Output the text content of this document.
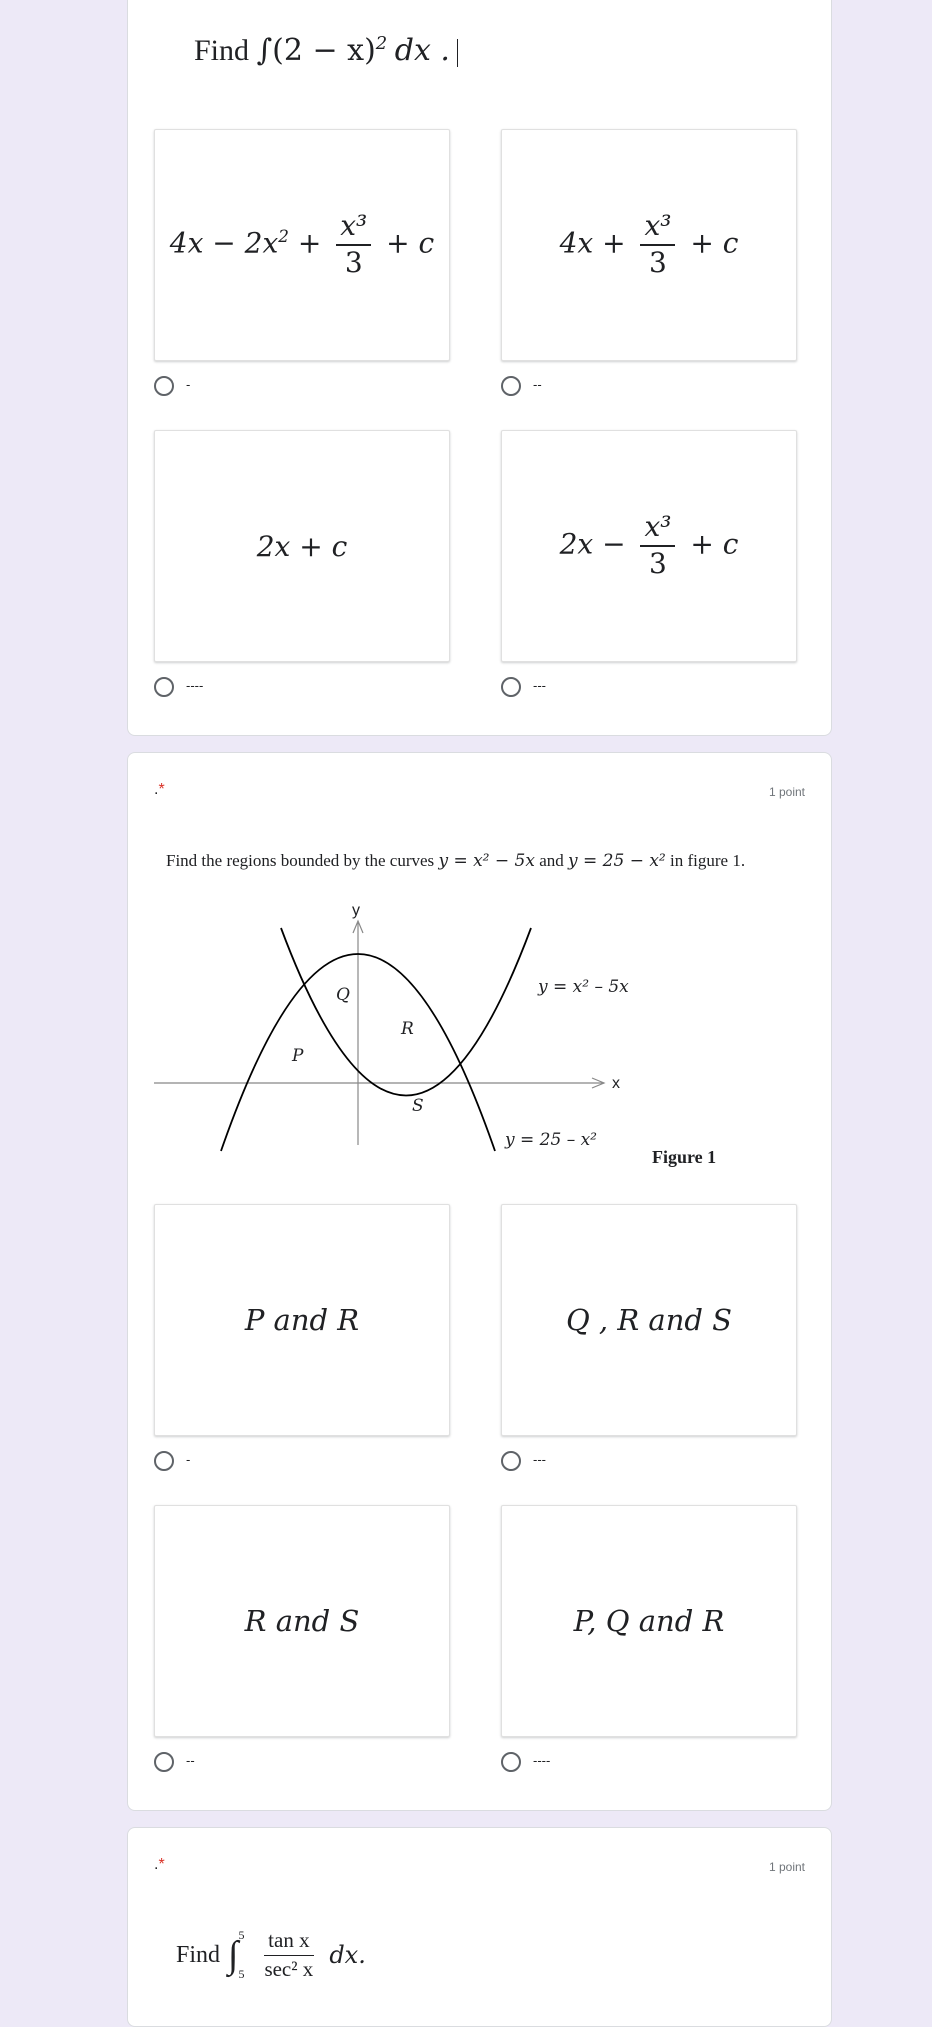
Find $\int(2 - x)^2$ dx .
$4x - 2x^2 + \frac{\text{x³}}{3} + c$
-
$4x + \frac{\text{x³}}{3} + c$
--
2x + c
----
$2x - \frac{\text{x³}}{3} + c$
---
.*	1 point
Find the regions bounded by the curves y = x² − 5x and y = 25 − x² in figure 1.
y
x
Q
R
P
S
y = x² – 5x
y = 25 – x²
Figure 1
P and R
-
Q , R and S
---
R and S
--
P, Q and R
----
.*	1 point
Find ∫ 5
$5 \frac{\text{tan x}}{\text{sec² x}}$ dx.
